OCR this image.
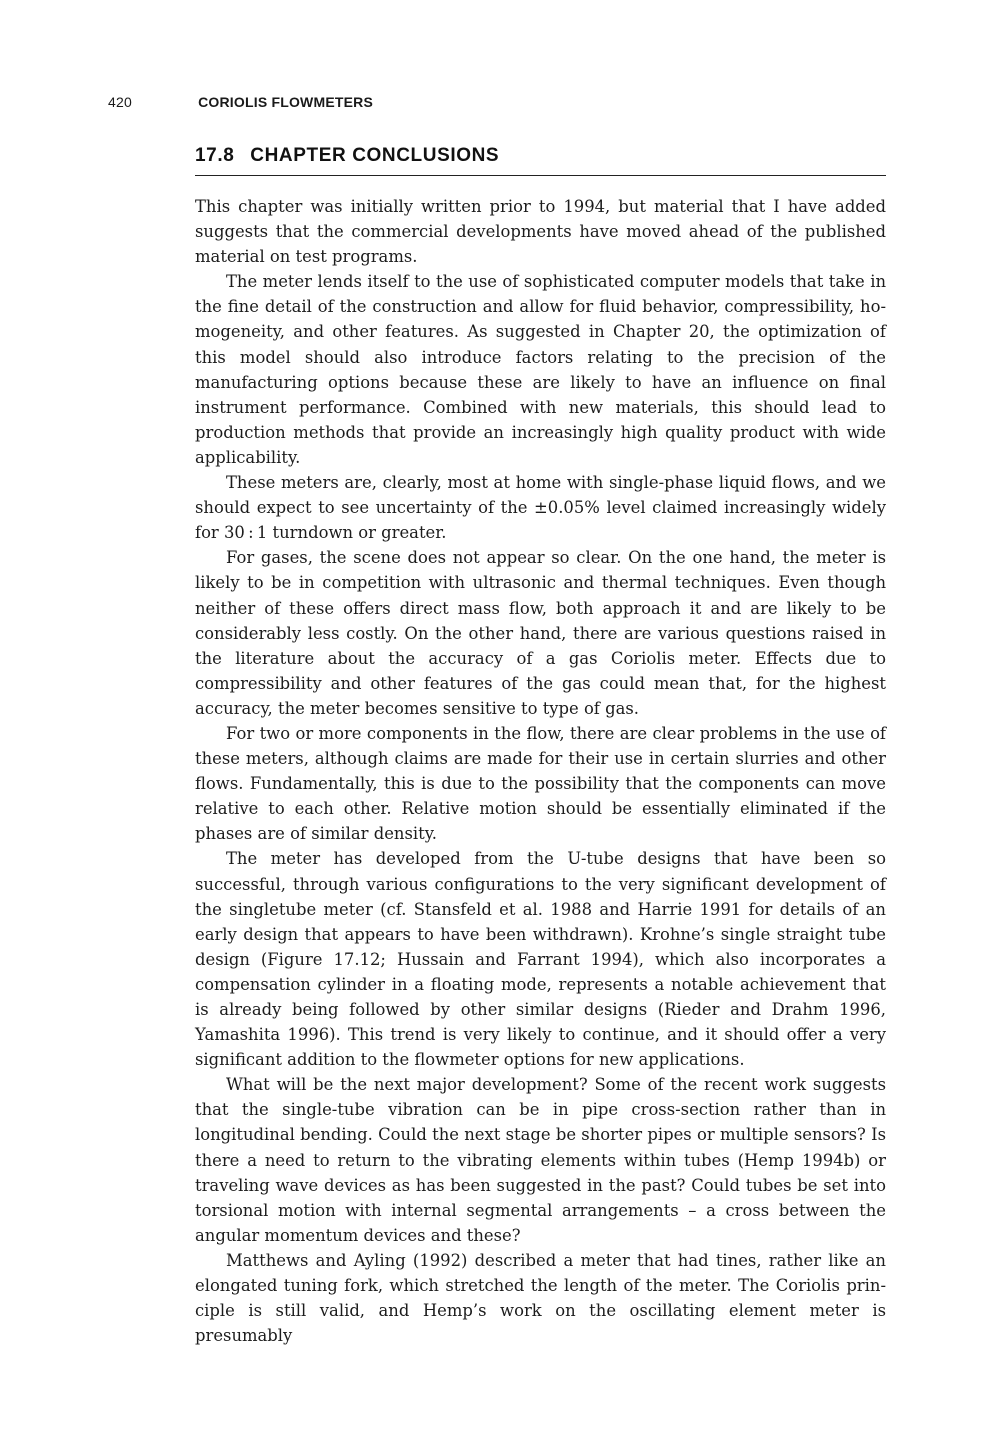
420	CORIOLIS FLOWMETERS
17.8 CHAPTER CONCLUSIONS

This chapter was initially written prior to 1994, but material that I have added suggests that the commercial developments have moved ahead of the published material on test programs.

The meter lends itself to the use of sophisticated computer models that take in the fine detail of the construction and allow for fluid behavior, compressibility, homogeneity, and other features. As suggested in Chapter 20, the optimization of this model should also introduce factors relating to the precision of the manufacturing options because these are likely to have an influence on final instrument performance. Combined with new materials, this should lead to production methods that provide an increasingly high quality product with wide applicability.

These meters are, clearly, most at home with single-phase liquid flows, and we should expect to see uncertainty of the ±0.05% level claimed increasingly widely for 30 : 1 turndown or greater.

For gases, the scene does not appear so clear. On the one hand, the meter is likely to be in competition with ultrasonic and thermal techniques. Even though neither of these offers direct mass flow, both approach it and are likely to be considerably less costly. On the other hand, there are various questions raised in the literature about the accuracy of a gas Coriolis meter. Effects due to compressibility and other features of the gas could mean that, for the highest accuracy, the meter becomes sensitive to type of gas.

For two or more components in the flow, there are clear problems in the use of these meters, although claims are made for their use in certain slurries and other flows. Fundamentally, this is due to the possibility that the components can move relative to each other. Relative motion should be essentially eliminated if the phases are of similar density.

The meter has developed from the U-tube designs that have been so successful, through various configurations to the very significant development of the singletube meter (cf. Stansfeld et al. 1988 and Harrie 1991 for details of an early design that appears to have been withdrawn). Krohne’s single straight tube design (Figure 17.12; Hussain and Farrant 1994), which also incorporates a compensation cylinder in a floating mode, represents a notable achievement that is already being followed by other similar designs (Rieder and Drahm 1996, Yamashita 1996). This trend is very likely to continue, and it should offer a very significant addition to the flowmeter options for new applications.

What will be the next major development? Some of the recent work suggests that the single-tube vibration can be in pipe cross-section rather than in longitudinal bending. Could the next stage be shorter pipes or multiple sensors? Is there a need to return to the vibrating elements within tubes (Hemp 1994b) or traveling wave devices as has been suggested in the past? Could tubes be set into torsional motion with internal segmental arrangements – a cross between the angular momentum devices and these?

Matthews and Ayling (1992) described a meter that had tines, rather like an elongated tuning fork, which stretched the length of the meter. The Coriolis principle is still valid, and Hemp’s work on the oscillating element meter is presumably
